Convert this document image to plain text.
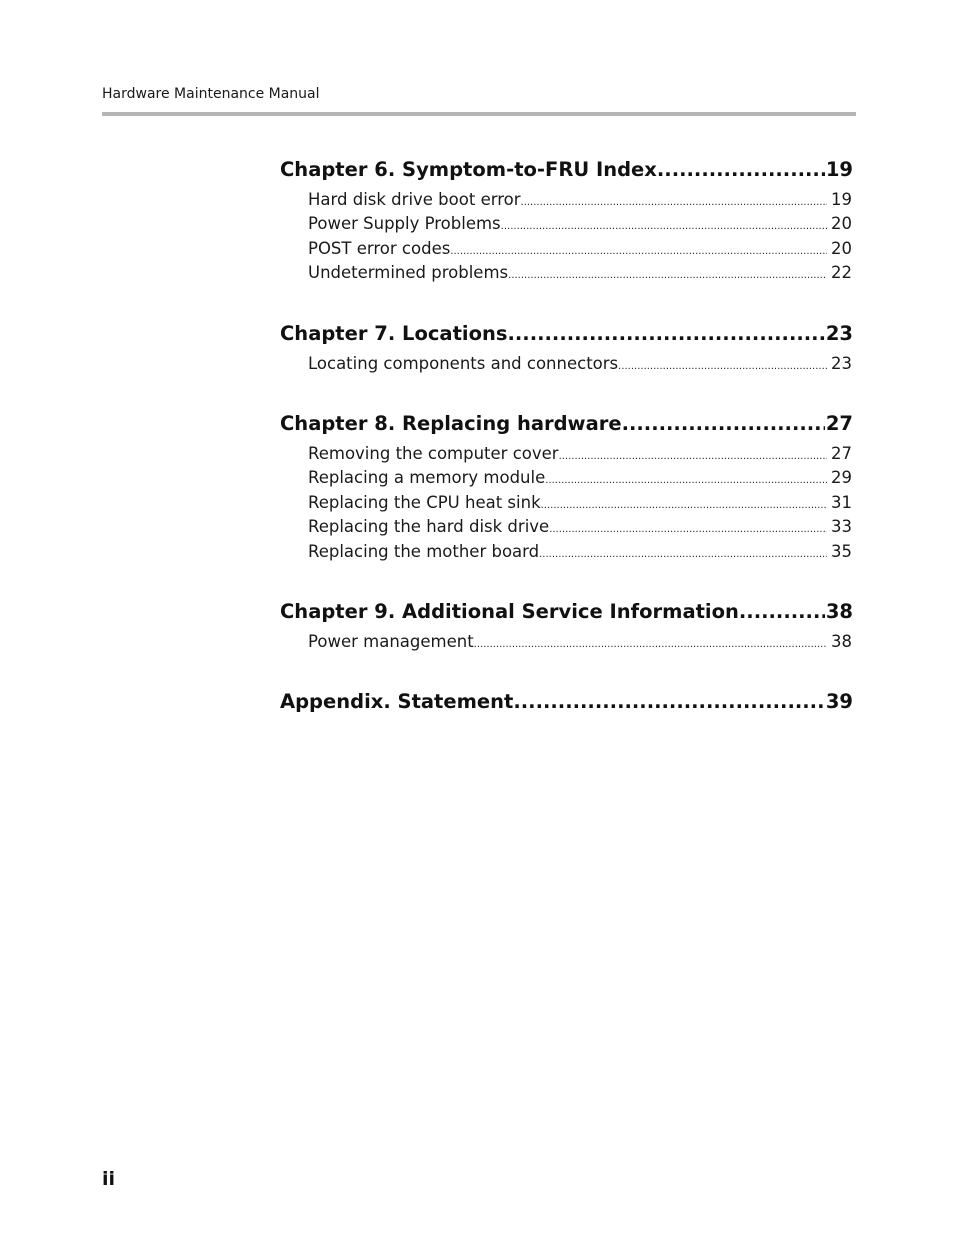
Hardware Maintenance Manual
Chapter 6. Symptom-to-FRU Index .....	19
Hard disk drive boot error .....	19
Power Supply Problems .....	20
POST error codes .....	20
Undetermined problems .....	22
Chapter 7. Locations .....	23
Locating components and connectors .....	23
Chapter 8. Replacing hardware .....	27
Removing the computer cover .....	27
Replacing a memory module .....	29
Replacing the CPU heat sink .....	31
Replacing the hard disk drive .....	33
Replacing the mother board .....	35
Chapter 9. Additional Service Information .....	38
Power management .....	38
Appendix. Statement .....	39
ii
